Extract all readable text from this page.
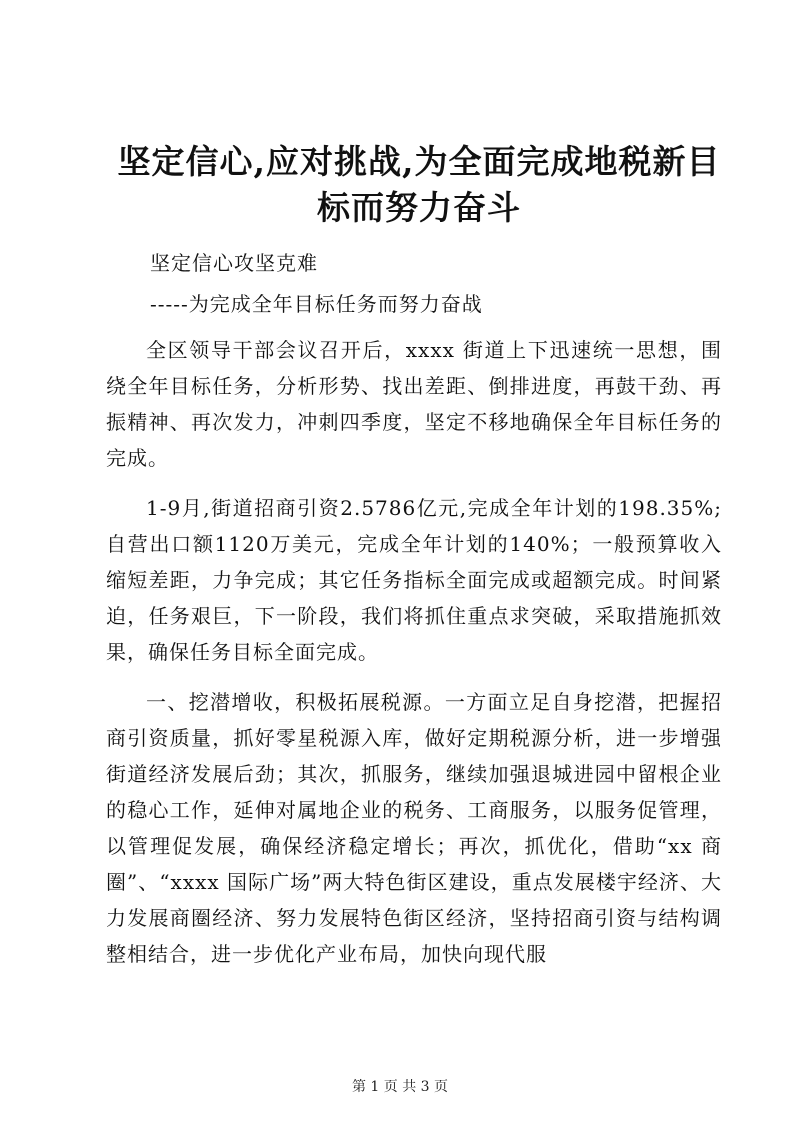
坚定信心,应对挑战,为全面完成地税新目标而努力奋斗

坚定信心攻坚克难

-----为完成全年目标任务而努力奋战

全区领导干部会议召开后，xxxx 街道上下迅速统一思想，围绕全年目标任务，分析形势、找出差距、倒排进度，再鼓干劲、再振精神、再次发力，冲刺四季度，坚定不移地确保全年目标任务的完成。

1-9月,街道招商引资2.5786亿元,完成全年计划的198.35%;自营出口额1120万美元，完成全年计划的140%；一般预算收入缩短差距，力争完成；其它任务指标全面完成或超额完成。时间紧迫，任务艰巨，下一阶段，我们将抓住重点求突破，采取措施抓效果，确保任务目标全面完成。

一、挖潜增收，积极拓展税源。一方面立足自身挖潜，把握招商引资质量，抓好零星税源入库，做好定期税源分析，进一步增强街道经济发展后劲；其次，抓服务，继续加强退城进园中留根企业的稳心工作，延伸对属地企业的税务、工商服务，以服务促管理，以管理促发展，确保经济稳定增长；再次，抓优化，借助“xx 商圈”、“xxxx 国际广场”两大特色街区建设，重点发展楼宇经济、大力发展商圈经济、努力发展特色街区经济，坚持招商引资与结构调整相结合，进一步优化产业布局，加快向现代服

第 1 页 共 3 页
